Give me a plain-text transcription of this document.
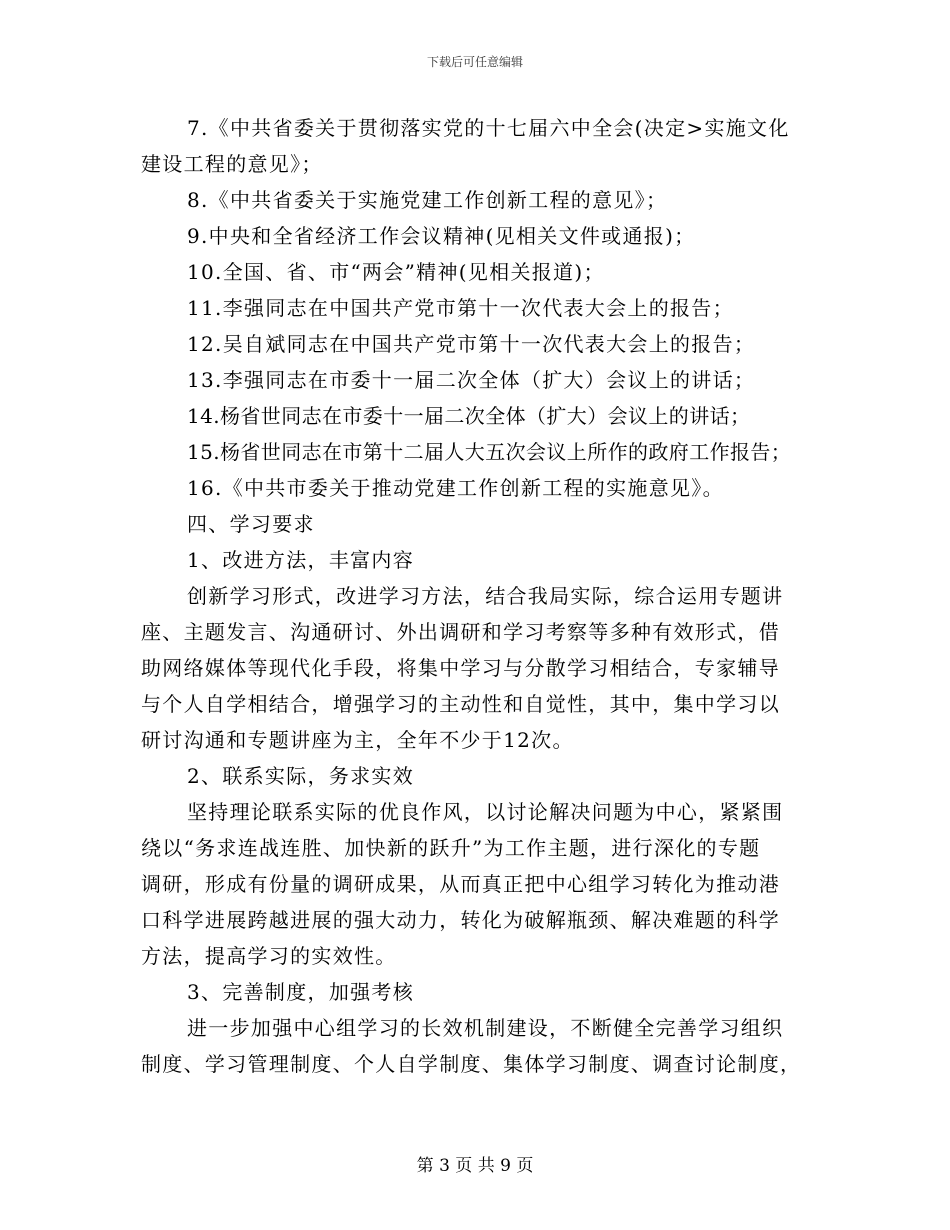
下载后可任意编辑
7.《中共省委关于贯彻落实党的十七届六中全会(决定>实施文化
建设工程的意见》；
8.《中共省委关于实施党建工作创新工程的意见》；
9.中央和全省经济工作会议精神(见相关文件或通报)；
10.全国、省、市“两会”精神(见相关报道)；
11.李强同志在中国共产党市第十一次代表大会上的报告；
12.吴自斌同志在中国共产党市第十一次代表大会上的报告；
13.李强同志在市委十一届二次全体（扩大）会议上的讲话；
14.杨省世同志在市委十一届二次全体（扩大）会议上的讲话；
15.杨省世同志在市第十二届人大五次会议上所作的政府工作报告；
16.《中共市委关于推动党建工作创新工程的实施意见》。
四、学习要求
1、改进方法，丰富内容
创新学习形式，改进学习方法，结合我局实际，综合运用专题讲
座、主题发言、沟通研讨、外出调研和学习考察等多种有效形式，借
助网络媒体等现代化手段，将集中学习与分散学习相结合，专家辅导
与个人自学相结合，增强学习的主动性和自觉性，其中，集中学习以
研讨沟通和专题讲座为主，全年不少于12次。
2、联系实际，务求实效
坚持理论联系实际的优良作风，以讨论解决问题为中心，紧紧围
绕以“务求连战连胜、加快新的跃升”为工作主题，进行深化的专题
调研，形成有份量的调研成果，从而真正把中心组学习转化为推动港
口科学进展跨越进展的强大动力，转化为破解瓶颈、解决难题的科学
方法，提高学习的实效性。
3、完善制度，加强考核
进一步加强中心组学习的长效机制建设，不断健全完善学习组织
制度、学习管理制度、个人自学制度、集体学习制度、调查讨论制度，
第 3 页 共 9 页
